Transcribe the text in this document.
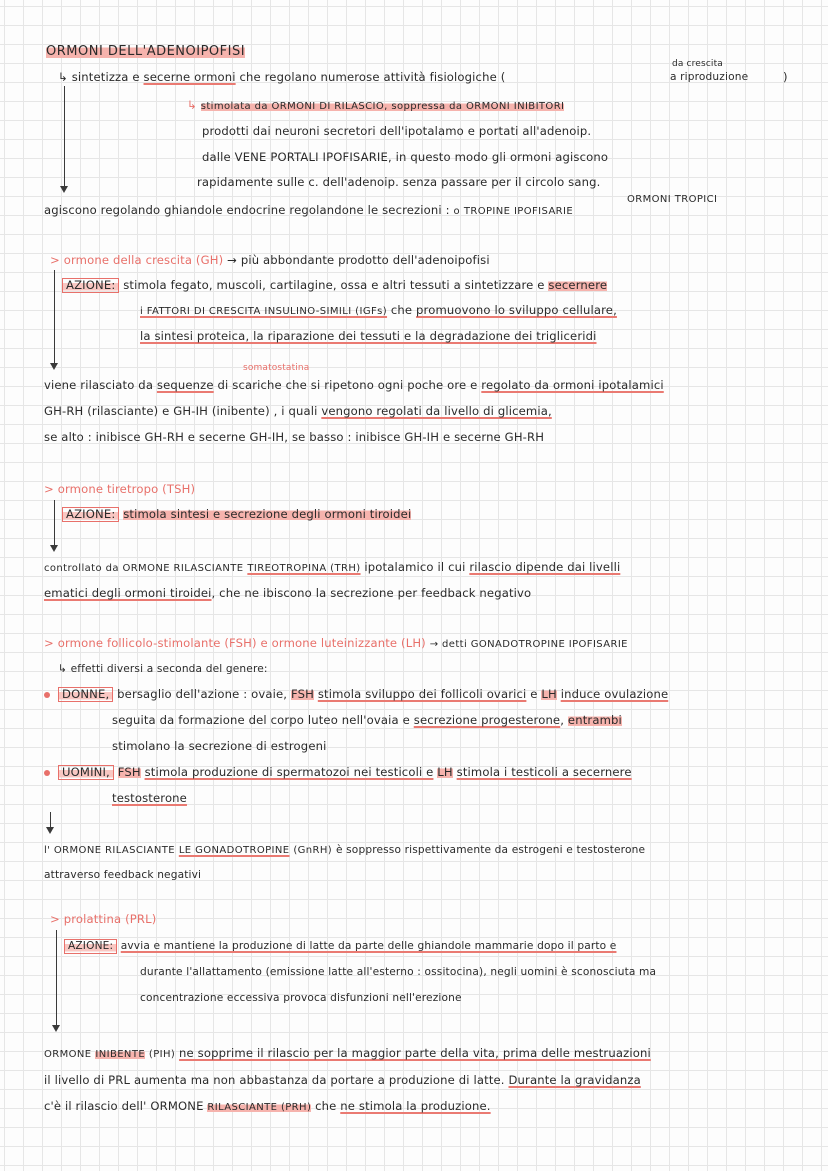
ORMONI DELL'ADENOIPOFISI
↳ sintetizza e secerne ormoni che regolano numerose attività fisiologiche (
da crescita
a riproduzione	)
↳ stimolata da ORMONI DI RILASCIO, soppressa da ORMONI INIBITORI
prodotti dai neuroni secretori dell'ipotalamo e portati all'adenoip.
dalle VENE PORTALI IPOFISARIE, in questo modo gli ormoni agiscono
rapidamente sulle c. dell'adenoip. senza passare per il circolo sang.
ORMONI TROPICI
agiscono regolando ghiandole endocrine regolandone le secrezioni : o TROPINE IPOFISARIE
> ormone della crescita (GH) → più abbondante prodotto dell'adenoipofisi
AZIONE: stimola fegato, muscoli, cartilagine, ossa e altri tessuti a sintetizzare e secernere
i FATTORI DI CRESCITA INSULINO-SIMILI (IGFs) che promuovono lo sviluppo cellulare,
la sintesi proteica, la riparazione dei tessuti e la degradazione dei trigliceridi
somatostatina
viene rilasciato da sequenze di scariche che si ripetono ogni poche ore e regolato da ormoni ipotalamici
GH-RH (rilasciante) e GH-IH (inibente) , i quali vengono regolati da livello di glicemia,
se alto : inibisce GH-RH e secerne GH-IH, se basso : inibisce GH-IH e secerne GH-RH
> ormone tiretropo (TSH)
AZIONE: stimola sintesi e secrezione degli ormoni tiroidei
controllato da ORMONE RILASCIANTE TIREOTROPINA (TRH) ipotalamico il cui rilascio dipende dai livelli
ematici degli ormoni tiroidei, che ne ibiscono la secrezione per feedback negativo
> ormone follicolo-stimolante (FSH) e ormone luteinizzante (LH) → detti GONADOTROPINE IPOFISARIE
↳ effetti diversi a seconda del genere:
DONNE, bersaglio dell'azione : ovaie, FSH stimola sviluppo dei follicoli ovarici e LH induce ovulazione
seguita da formazione del corpo luteo nell'ovaia e secrezione progesterone, entrambi
stimolano la secrezione di estrogeni
UOMINI, FSH stimola produzione di spermatozoi nei testicoli e LH stimola i testicoli a secernere
testosterone
l' ORMONE RILASCIANTE LE GONADOTROPINE (GnRH) è soppresso rispettivamente da estrogeni e testosterone
attraverso feedback negativi
> prolattina (PRL)
AZIONE: avvia e mantiene la produzione di latte da parte delle ghiandole mammarie dopo il parto e
durante l'allattamento (emissione latte all'esterno : ossitocina), negli uomini è sconosciuta ma
concentrazione eccessiva provoca disfunzioni nell'erezione
ORMONE INIBENTE (PIH) ne sopprime il rilascio per la maggior parte della vita, prima delle mestruazioni
il livello di PRL aumenta ma non abbastanza da portare a produzione di latte. Durante la gravidanza
c'è il rilascio dell' ORMONE RILASCIANTE (PRH) che ne stimola la produzione.
